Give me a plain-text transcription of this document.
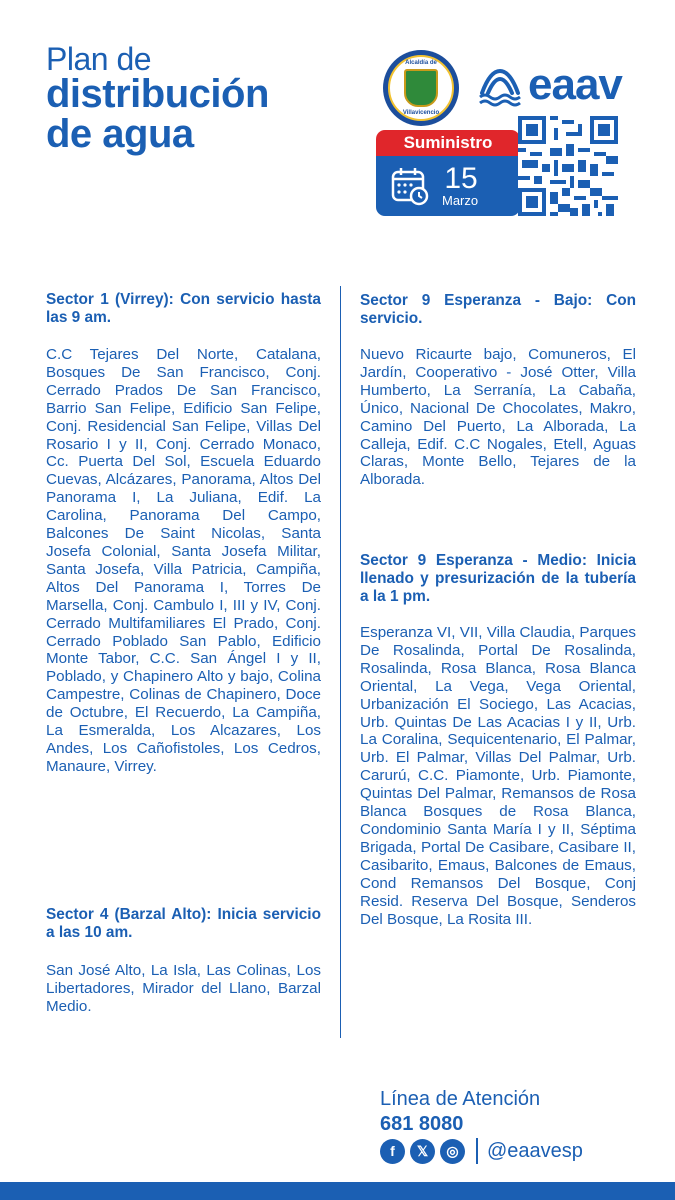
Plan de
distribución
de agua
Alcaldía de
Villavicencio
eaav
Suministro
15
Marzo
Sector 1 (Virrey): Con servicio hasta las 9 am.
C.C Tejares Del Norte, Catalana, Bosques De San Francisco, Conj. Cerrado Prados De San Francisco, Barrio San Felipe, Edificio San Felipe, Conj. Residencial San Felipe, Villas Del Rosario I y II, Conj. Cerrado Monaco, Cc. Puerta Del Sol, Escuela Eduardo Cuevas, Alcázares, Panorama, Altos Del Panorama I, La Juliana, Edif. La Carolina, Panorama Del Campo, Balcones De Saint Nicolas, Santa Josefa Colonial, Santa Josefa Militar, Santa Josefa, Villa Patricia, Campiña, Altos Del Panorama I, Torres De Marsella, Conj. Cambulo I, III y IV, Conj. Cerrado Multifamiliares El Prado, Conj. Cerrado Poblado San Pablo, Edificio Monte Tabor, C.C. San Ángel I y II, Poblado, y Chapinero Alto y bajo, Colina Campestre, Colinas de Chapinero, Doce de Octubre, El Recuerdo, La Campiña, La Esmeralda, Los Alcazares, Los Andes, Los Cañofistoles, Los Cedros, Manaure, Virrey.
Sector 4 (Barzal Alto): Inicia servicio a las 10 am.
San José Alto, La Isla, Las Colinas, Los Libertadores, Mirador del Llano, Barzal Medio.
Sector 9 Esperanza - Bajo: Con servicio.
Nuevo Ricaurte bajo, Comuneros, El Jardín, Cooperativo - José Otter, Villa Humberto, La Serranía, La Cabaña, Único, Nacional De Chocolates, Makro, Camino Del Puerto, La Alborada, La Calleja, Edif. C.C Nogales, Etell, Aguas Claras, Monte Bello, Tejares de la Alborada.
Sector 9 Esperanza - Medio: Inicia llenado y presurización de la tubería a la 1 pm.
Esperanza VI, VII, Villa Claudia, Parques De Rosalinda, Portal De Rosalinda, Rosalinda, Rosa Blanca, Rosa Blanca Oriental, La Vega, Vega Oriental, Urbanización El Sociego, Las Acacias, Urb. Quintas De Las Acacias I y II, Urb. La Coralina, Sequicentenario, El Palmar, Urb. El Palmar, Villas Del Palmar, Urb. Carurú, C.C. Piamonte, Urb. Piamonte, Quintas Del Palmar, Remansos de Rosa Blanca Bosques de Rosa Blanca, Condominio Santa María I y II, Séptima Brigada, Portal De Casibare, Casibare II, Casibarito, Emaus, Balcones de Emaus, Cond Remansos Del Bosque, Conj Resid. Reserva Del Bosque, Senderos Del Bosque, La Rosita III.
Línea de Atención
681 8080
f	𝕏	◎	@eaavesp
